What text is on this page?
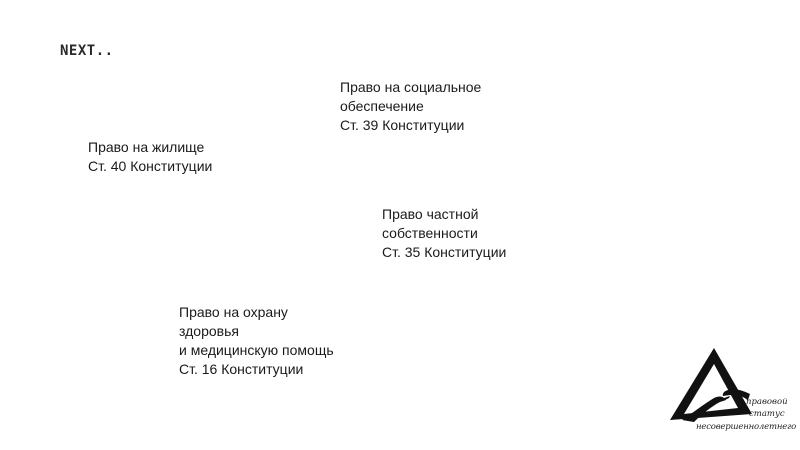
NEXT..
Право на социальное
обеспечение
Ст. 39 Конституции
Право на жилище
Ст. 40 Конституции
Право частной
собственности
Ст. 35 Конституции
Право на охрану
здоровья
и медицинскую помощь
Ст. 16 Конституции
правовой
статус
несовершеннолетнего
